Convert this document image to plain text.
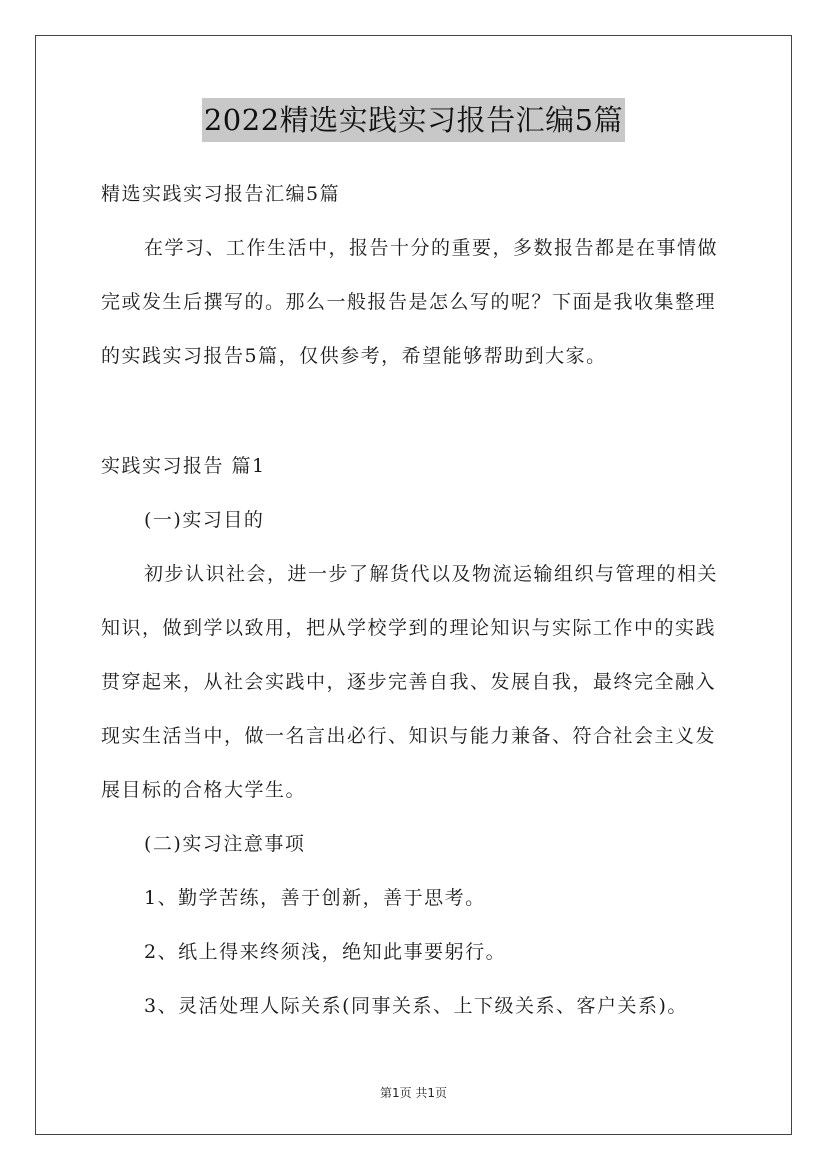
2022精选实践实习报告汇编5篇
精选实践实习报告汇编5篇
在学习、工作生活中，报告十分的重要，多数报告都是在事情做
完或发生后撰写的。那么一般报告是怎么写的呢？下面是我收集整理
的实践实习报告5篇，仅供参考，希望能够帮助到大家。
实践实习报告 篇1
(一)实习目的
初步认识社会，进一步了解货代以及物流运输组织与管理的相关
知识，做到学以致用，把从学校学到的理论知识与实际工作中的实践
贯穿起来，从社会实践中，逐步完善自我、发展自我，最终完全融入
现实生活当中，做一名言出必行、知识与能力兼备、符合社会主义发
展目标的合格大学生。
(二)实习注意事项
1、勤学苦练，善于创新，善于思考。
2、纸上得来终须浅，绝知此事要躬行。
3、灵活处理人际关系(同事关系、上下级关系、客户关系)。
第1页 共1页
